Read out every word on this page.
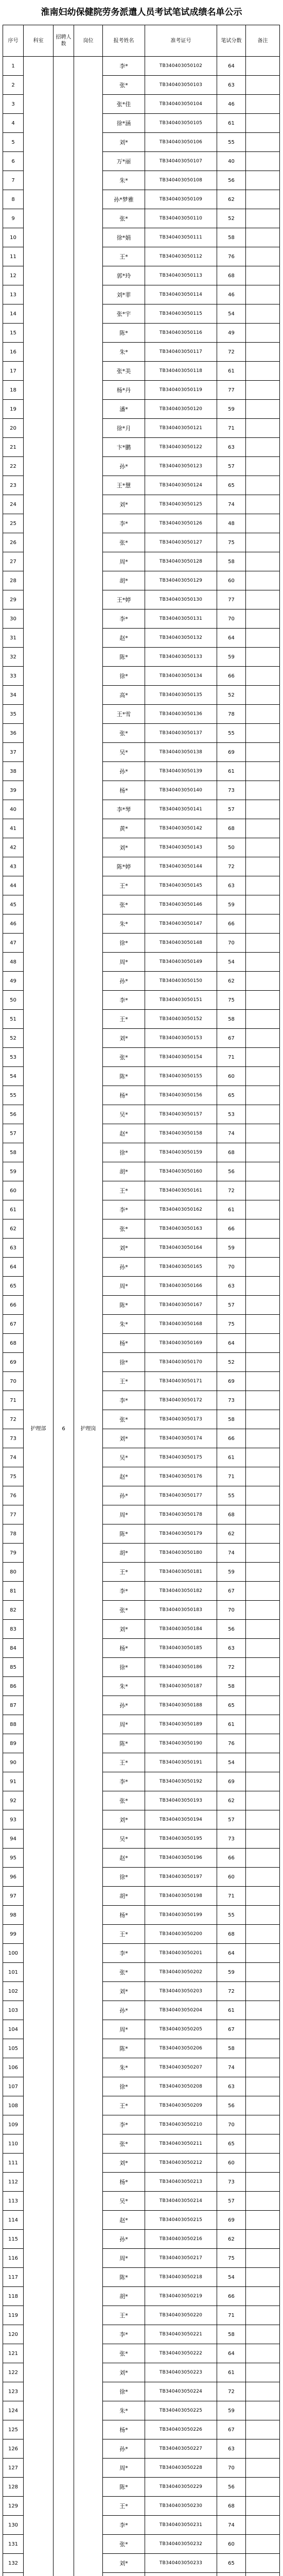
淮南妇幼保健院劳务派遣人员考试笔试成绩名单公示
序号	科室	招聘人数	岗位	报考姓名	准考证号	笔试分数	备注
1	护理部	6	护理岗	李*	TB340403050102	64	
2				张*	TB340403050103	63	
3				张*佳	TB340403050104	46	
4				徐*涵	TB340403050105	61	
5				刘*	TB340403050106	55	
6				万*丽	TB340403050107	40	
7				朱*	TB340403050108	56	
8				孙*梦雅	TB340403050109	62	
9				张*	TB340403050110	52	
10				徐*娟	TB340403050111	58	
11				王*	TB340403050112	76	
12				郭*玲	TB340403050113	68	
13				刘*菲	TB340403050114	46	
14				张*宇	TB340403050115	54	
15				陈*	TB340403050116	49	
16				朱*	TB340403050117	72	
17				张*美	TB340403050118	61	
18				杨*丹	TB340403050119	77	
19				潘*	TB340403050120	59	
20				徐*月	TB340403050121	71	
21				卞*鹏	TB340403050122	63	
22				孙*	TB340403050123	57	
23				王*慧	TB340403050124	65	
24				刘*	TB340403050125	74	
25				李*	TB340403050126	48	
26				张*	TB340403050127	75	
27				周*	TB340403050128	58	
28				胡*	TB340403050129	60	
29				王*婷	TB340403050130	77	
30				李*	TB340403050131	70	
31				赵*	TB340403050132	64	
32				陈*	TB340403050133	59	
33				徐*	TB340403050134	66	
34				高*	TB340403050135	52	
35				王*雪	TB340403050136	78	
36				张*	TB340403050137	55	
37				吴*	TB340403050138	69	
38				孙*	TB340403050139	61	
39				杨*	TB340403050140	73	
40				李*琴	TB340403050141	57	
41				黄*	TB340403050142	68	
42				刘*	TB340403050143	50	
43				陈*婷	TB340403050144	72	
44				王*	TB340403050145	63	
45				张*	TB340403050146	59	
46				朱*	TB340403050147	66	
47				徐*	TB340403050148	70	
48				周*	TB340403050149	54	
49				孙*	TB340403050150	62	
50				李*	TB340403050151	75	
51				王*	TB340403050152	58	
52				刘*	TB340403050153	67	
53				张*	TB340403050154	71	
54				陈*	TB340403050155	60	
55				杨*	TB340403050156	65	
56				吴*	TB340403050157	53	
57				赵*	TB340403050158	74	
58				徐*	TB340403050159	68	
59				胡*	TB340403050160	56	
60				王*	TB340403050161	72	
61				李*	TB340403050162	61	
62				张*	TB340403050163	66	
63				刘*	TB340403050164	59	
64				孙*	TB340403050165	70	
65				周*	TB340403050166	63	
66				陈*	TB340403050167	57	
67				朱*	TB340403050168	75	
68				杨*	TB340403050169	64	
69				徐*	TB340403050170	52	
70				王*	TB340403050171	69	
71				李*	TB340403050172	73	
72				张*	TB340403050173	58	
73				刘*	TB340403050174	66	
74				吴*	TB340403050175	61	
75				赵*	TB340403050176	71	
76				孙*	TB340403050177	55	
77				周*	TB340403050178	68	
78				陈*	TB340403050179	62	
79				胡*	TB340403050180	74	
80				王*	TB340403050181	59	
81				李*	TB340403050182	67	
82				张*	TB340403050183	70	
83				刘*	TB340403050184	56	
84				杨*	TB340403050185	63	
85				徐*	TB340403050186	72	
86				朱*	TB340403050187	58	
87				孙*	TB340403050188	65	
88				周*	TB340403050189	61	
89				陈*	TB340403050190	76	
90				王*	TB340403050191	54	
91				李*	TB340403050192	69	
92				张*	TB340403050193	62	
93				刘*	TB340403050194	57	
94				吴*	TB340403050195	73	
95				赵*	TB340403050196	66	
96				徐*	TB340403050197	60	
97				胡*	TB340403050198	71	
98				杨*	TB340403050199	55	
99				王*	TB340403050200	68	
100				李*	TB340403050201	64	
101				张*	TB340403050202	59	
102				刘*	TB340403050203	72	
103				孙*	TB340403050204	61	
104				周*	TB340403050205	67	
105				陈*	TB340403050206	58	
106				朱*	TB340403050207	74	
107				徐*	TB340403050208	63	
108				王*	TB340403050209	56	
109				李*	TB340403050210	70	
110				张*	TB340403050211	65	
111				刘*	TB340403050212	60	
112				杨*	TB340403050213	73	
113				吴*	TB340403050214	57	
114				赵*	TB340403050215	69	
115				孙*	TB340403050216	62	
116				周*	TB340403050217	75	
117				陈*	TB340403050218	54	
118				胡*	TB340403050219	66	
119				王*	TB340403050220	71	
120				李*	TB340403050221	58	
121				张*	TB340403050222	64	
122				刘*	TB340403050223	61	
123				徐*	TB340403050224	72	
124				朱*	TB340403050225	59	
125				杨*	TB340403050226	67	
126				孙*	TB340403050227	63	
127				周*	TB340403050228	70	
128				陈*	TB340403050229	56	
129				王*	TB340403050230	68	
130				李*	TB340403050231	74	
131				张*	TB340403050232	60	
132				刘*	TB340403050233	65	
